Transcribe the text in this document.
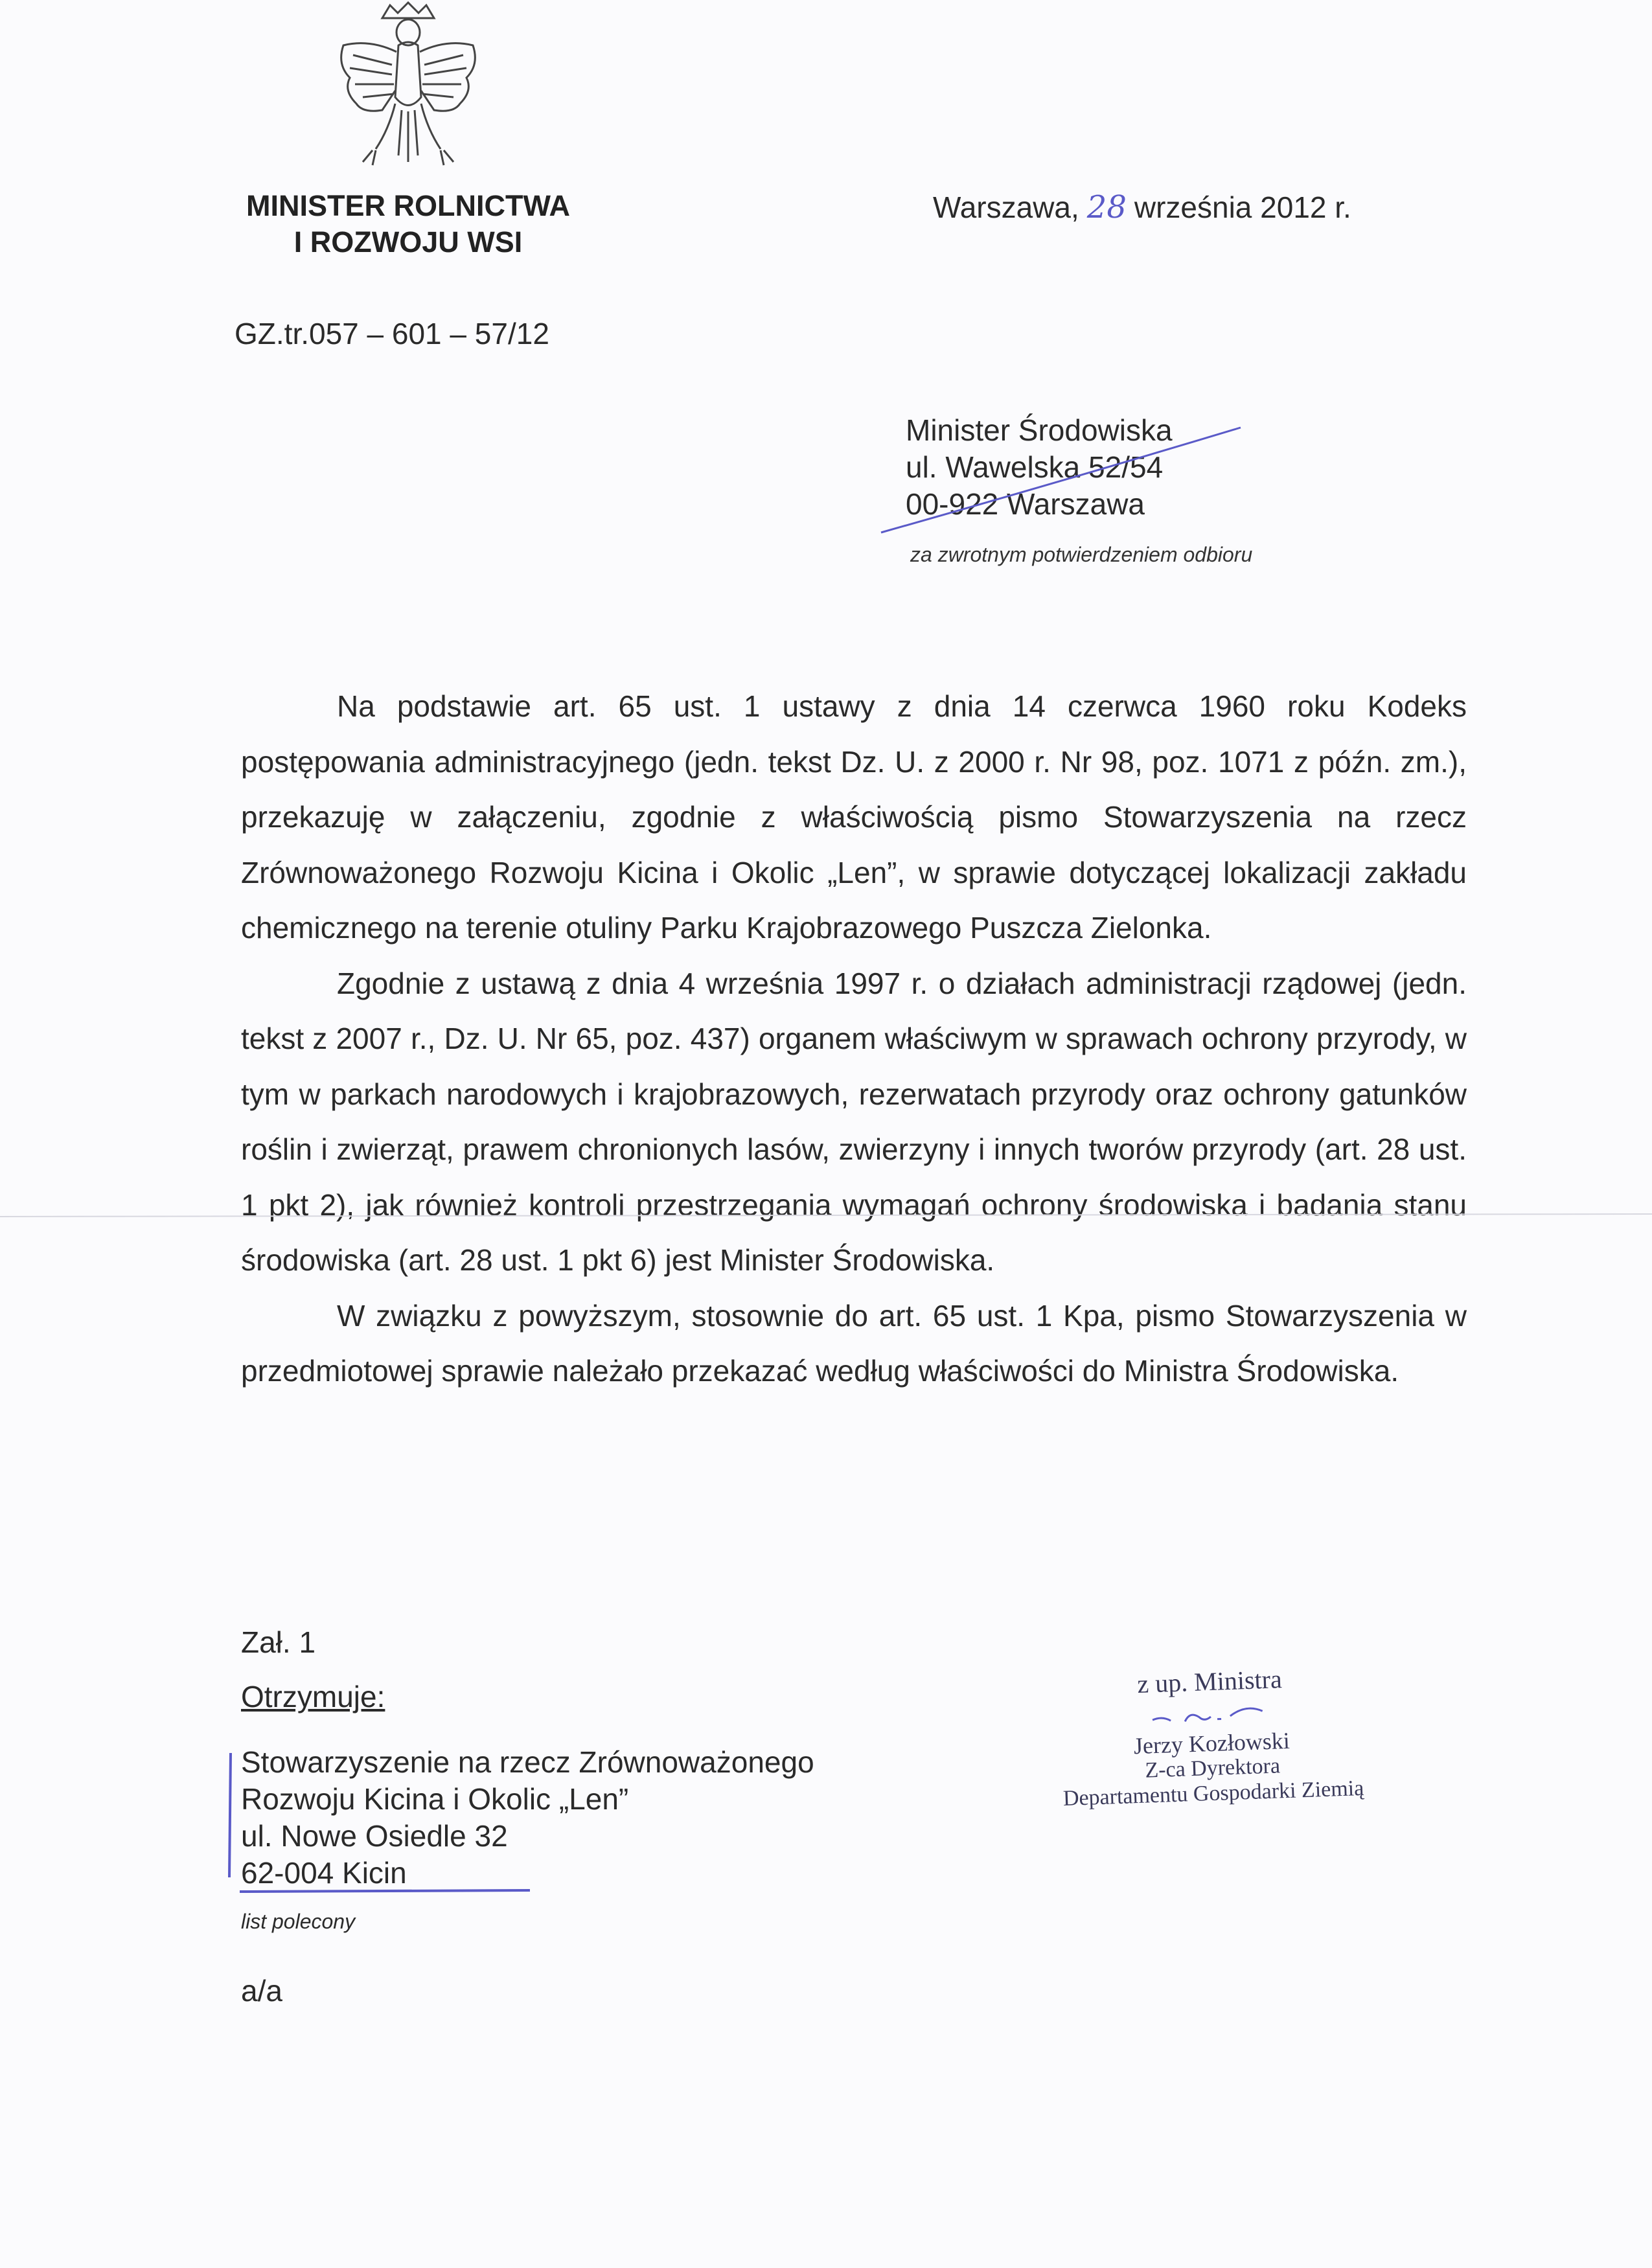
MINISTER ROLNICTWA
I ROZWOJU WSI
Warszawa, 28 września 2012 r.
GZ.tr.057 – 601 – 57/12
Minister Środowiska
ul. Wawelska 52/54
00-922 Warszawa
za zwrotnym potwierdzeniem odbioru

Na podstawie art. 65 ust. 1 ustawy z dnia 14 czerwca 1960 roku Kodeks postępowania administracyjnego (jedn. tekst Dz. U. z 2000 r. Nr 98, poz. 1071 z późn. zm.), przekazuję w załączeniu, zgodnie z właściwością pismo Stowarzyszenia na rzecz Zrównoważonego Rozwoju Kicina i Okolic „Len”, w sprawie dotyczącej lokalizacji zakładu chemicznego na terenie otuliny Parku Krajobrazowego Puszcza Zielonka.

Zgodnie z ustawą z dnia 4 września 1997 r. o działach administracji rządowej (jedn. tekst z 2007 r., Dz. U. Nr 65, poz. 437) organem właściwym w sprawach ochrony przyrody, w tym w parkach narodowych i krajobrazowych, rezerwatach przyrody oraz ochrony gatunków roślin i zwierząt, prawem chronionych lasów, zwierzyny i innych tworów przyrody (art. 28 ust. 1 pkt 2), jak również kontroli przestrzegania wymagań ochrony środowiska i badania stanu środowiska (art. 28 ust. 1 pkt 6) jest Minister Środowiska.

W związku z powyższym, stosownie do art. 65 ust. 1 Kpa, pismo Stowarzyszenia w przedmiotowej sprawie należało przekazać według właściwości do Ministra Środowiska.

Zał. 1
Otrzymuje:
Stowarzyszenie na rzecz Zrównoważonego
Rozwoju Kicina i Okolic „Len”
ul. Nowe Osiedle 32
62-004 Kicin
list polecony
a/a
z up. Ministra
Jerzy Kozłowski
Z-ca Dyrektora
Departamentu Gospodarki Ziemią
